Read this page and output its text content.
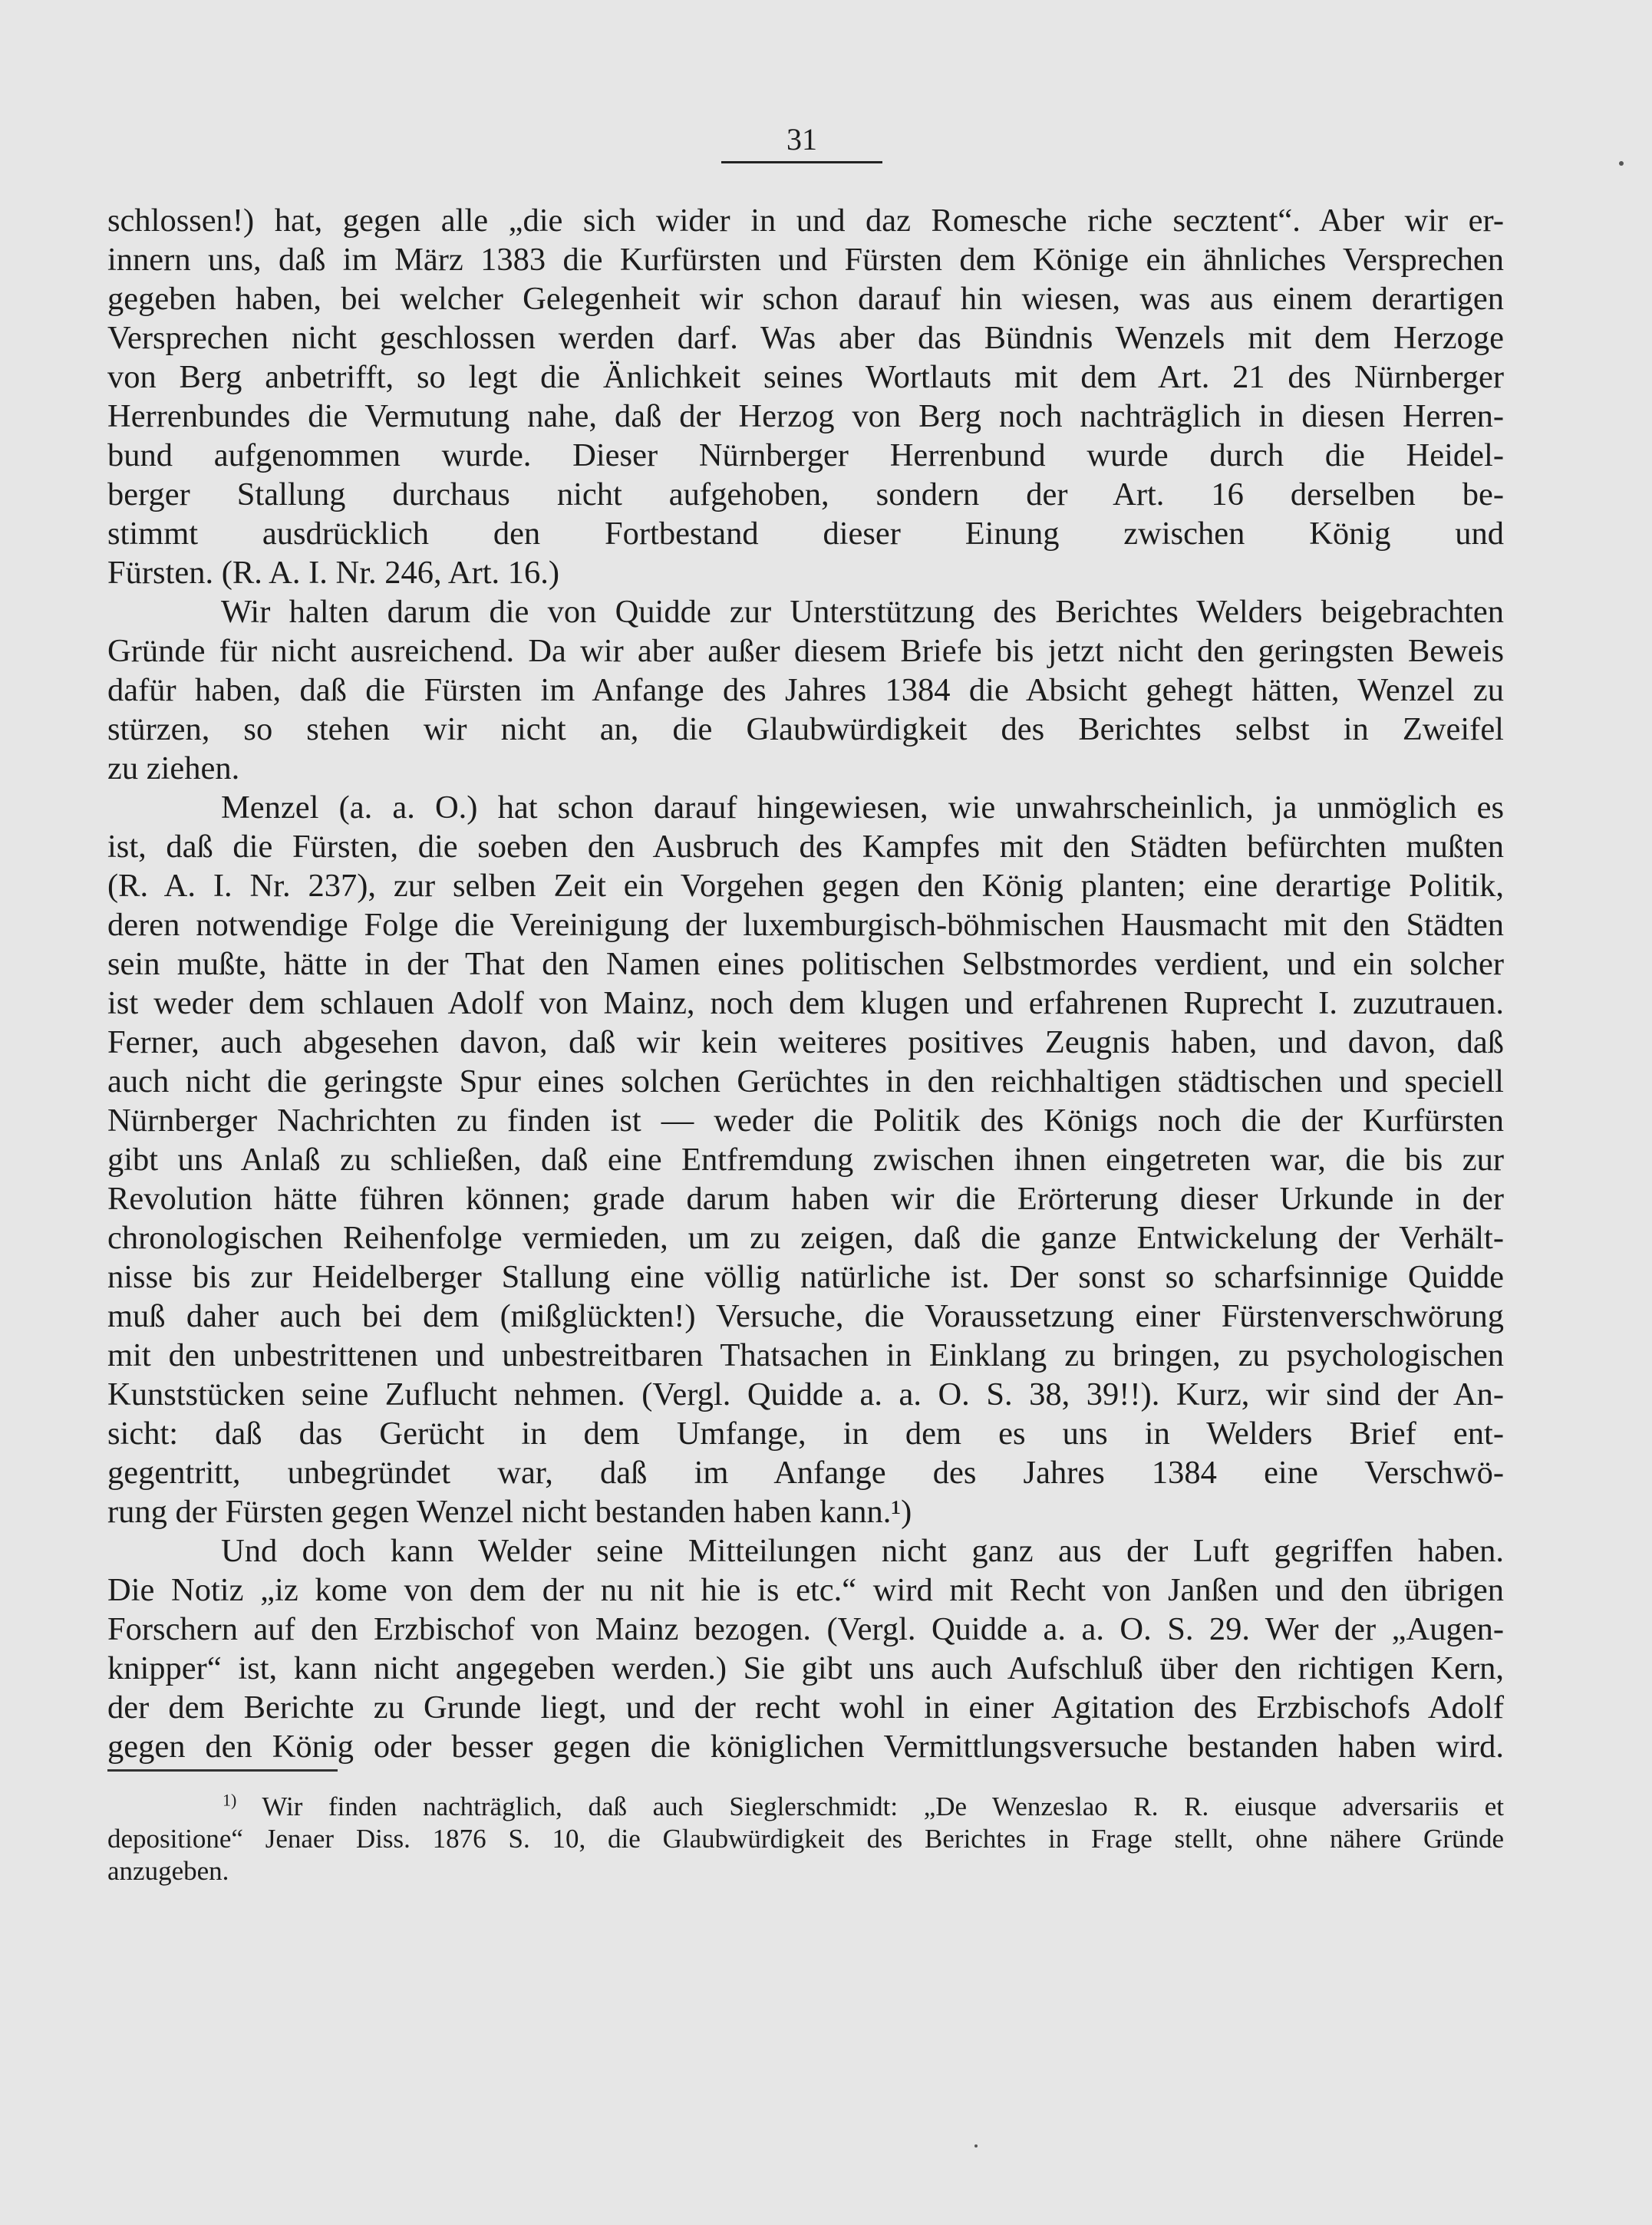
31
schlossen!) hat, gegen alle „die sich wider in und daz Romesche riche secztent“. Aber wir er-
innern uns, daß im März 1383 die Kurfürsten und Fürsten dem Könige ein ähnliches Versprechen
gegeben haben, bei welcher Gelegenheit wir schon darauf hin wiesen, was aus einem derartigen
Versprechen nicht geschlossen werden darf. Was aber das Bündnis Wenzels mit dem Herzoge
von Berg anbetrifft, so legt die Änlichkeit seines Wortlauts mit dem Art. 21 des Nürnberger
Herrenbundes die Vermutung nahe, daß der Herzog von Berg noch nachträglich in diesen Herren-
bund aufgenommen wurde. Dieser Nürnberger Herrenbund wurde durch die Heidel-
berger Stallung durchaus nicht aufgehoben, sondern der Art. 16 derselben be-
stimmt ausdrücklich den Fortbestand dieser Einung zwischen König und
Fürsten. (R. A. I. Nr. 246, Art. 16.)
Wir halten darum die von Quidde zur Unterstützung des Berichtes Welders beigebrachten
Gründe für nicht ausreichend. Da wir aber außer diesem Briefe bis jetzt nicht den geringsten Beweis
dafür haben, daß die Fürsten im Anfange des Jahres 1384 die Absicht gehegt hätten, Wenzel zu
stürzen, so stehen wir nicht an, die Glaubwürdigkeit des Berichtes selbst in Zweifel
zu ziehen.
Menzel (a. a. O.) hat schon darauf hingewiesen, wie unwahrscheinlich, ja unmöglich es
ist, daß die Fürsten, die soeben den Ausbruch des Kampfes mit den Städten befürchten mußten
(R. A. I. Nr. 237), zur selben Zeit ein Vorgehen gegen den König planten; eine derartige Politik,
deren notwendige Folge die Vereinigung der luxemburgisch-böhmischen Hausmacht mit den Städten
sein mußte, hätte in der That den Namen eines politischen Selbstmordes verdient, und ein solcher
ist weder dem schlauen Adolf von Mainz, noch dem klugen und erfahrenen Ruprecht I. zuzutrauen.
Ferner, auch abgesehen davon, daß wir kein weiteres positives Zeugnis haben, und davon, daß
auch nicht die geringste Spur eines solchen Gerüchtes in den reichhaltigen städtischen und speciell
Nürnberger Nachrichten zu finden ist — weder die Politik des Königs noch die der Kurfürsten
gibt uns Anlaß zu schließen, daß eine Entfremdung zwischen ihnen eingetreten war, die bis zur
Revolution hätte führen können; grade darum haben wir die Erörterung dieser Urkunde in der
chronologischen Reihenfolge vermieden, um zu zeigen, daß die ganze Entwickelung der Verhält-
nisse bis zur Heidelberger Stallung eine völlig natürliche ist. Der sonst so scharfsinnige Quidde
muß daher auch bei dem (mißglückten!) Versuche, die Voraussetzung einer Fürstenverschwörung
mit den unbestrittenen und unbestreitbaren Thatsachen in Einklang zu bringen, zu psychologischen
Kunststücken seine Zuflucht nehmen. (Vergl. Quidde a. a. O. S. 38, 39!!). Kurz, wir sind der An-
sicht: daß das Gerücht in dem Umfange, in dem es uns in Welders Brief ent-
gegentritt, unbegründet war, daß im Anfange des Jahres 1384 eine Verschwö-
rung der Fürsten gegen Wenzel nicht bestanden haben kann.¹)
Und doch kann Welder seine Mitteilungen nicht ganz aus der Luft gegriffen haben.
Die Notiz „iz kome von dem der nu nit hie is etc.“ wird mit Recht von Janßen und den übrigen
Forschern auf den Erzbischof von Mainz bezogen. (Vergl. Quidde a. a. O. S. 29. Wer der „Augen-
knipper“ ist, kann nicht angegeben werden.) Sie gibt uns auch Aufschluß über den richtigen Kern,
der dem Berichte zu Grunde liegt, und der recht wohl in einer Agitation des Erzbischofs Adolf
gegen den König oder besser gegen die königlichen Vermittlungsversuche bestanden haben wird.
$^{1)}$ Wir finden nachträglich, daß auch Sieglerschmidt: „De Wenzeslao R. R. eiusque adversariis et
depositione“ Jenaer Diss. 1876 S. 10, die Glaubwürdigkeit des Berichtes in Frage stellt, ohne nähere Gründe
anzugeben.
